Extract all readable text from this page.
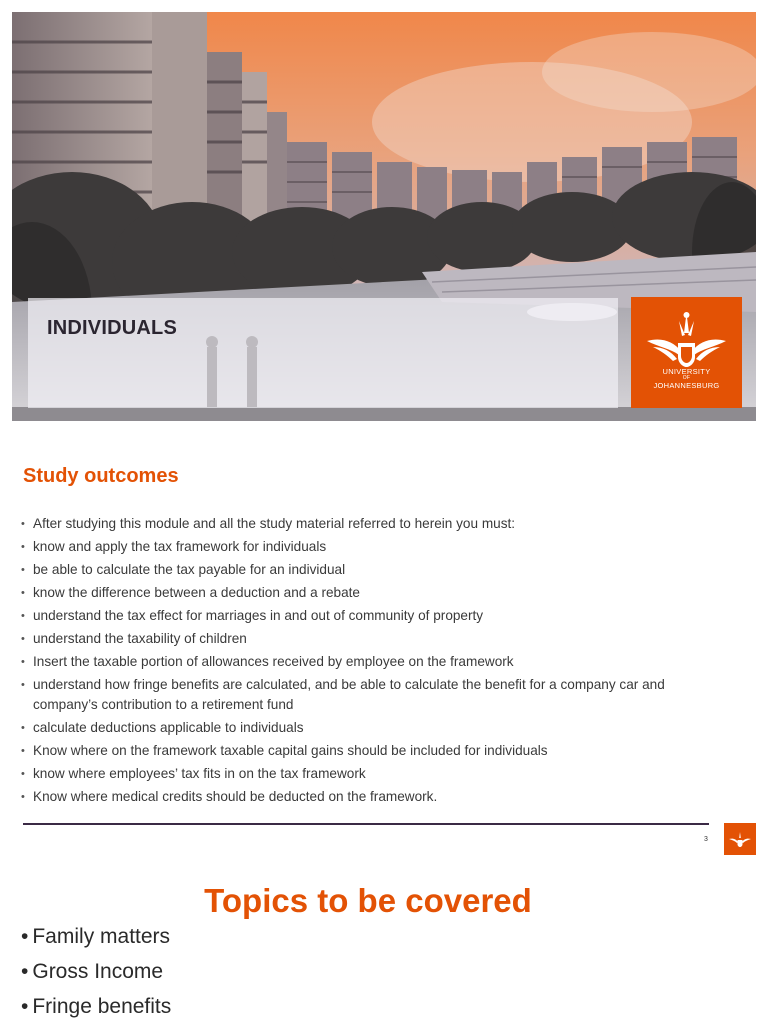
INDIVIDUALS
UNIVERSITY
OF
JOHANNESBURG
Study outcomes
• After studying this module and all the study material referred to herein you must:
• know and apply the tax framework for individuals
• be able to calculate the tax payable for an individual
• know the difference between a deduction and a rebate
• understand the tax effect for marriages in and out of community of property
• understand the taxability of children
• Insert the taxable portion of allowances received by employee on the framework
• understand how fringe benefits are calculated, and be able to calculate the benefit for a company car and company’s contribution to a retirement fund
• calculate deductions applicable to individuals
• Know where on the framework taxable capital gains should be included for individuals
• know where employees’ tax fits in on the tax framework
• Know where medical credits should be deducted on the framework.
3
Topics to be covered
• Family matters
• Gross Income
• Fringe benefits
